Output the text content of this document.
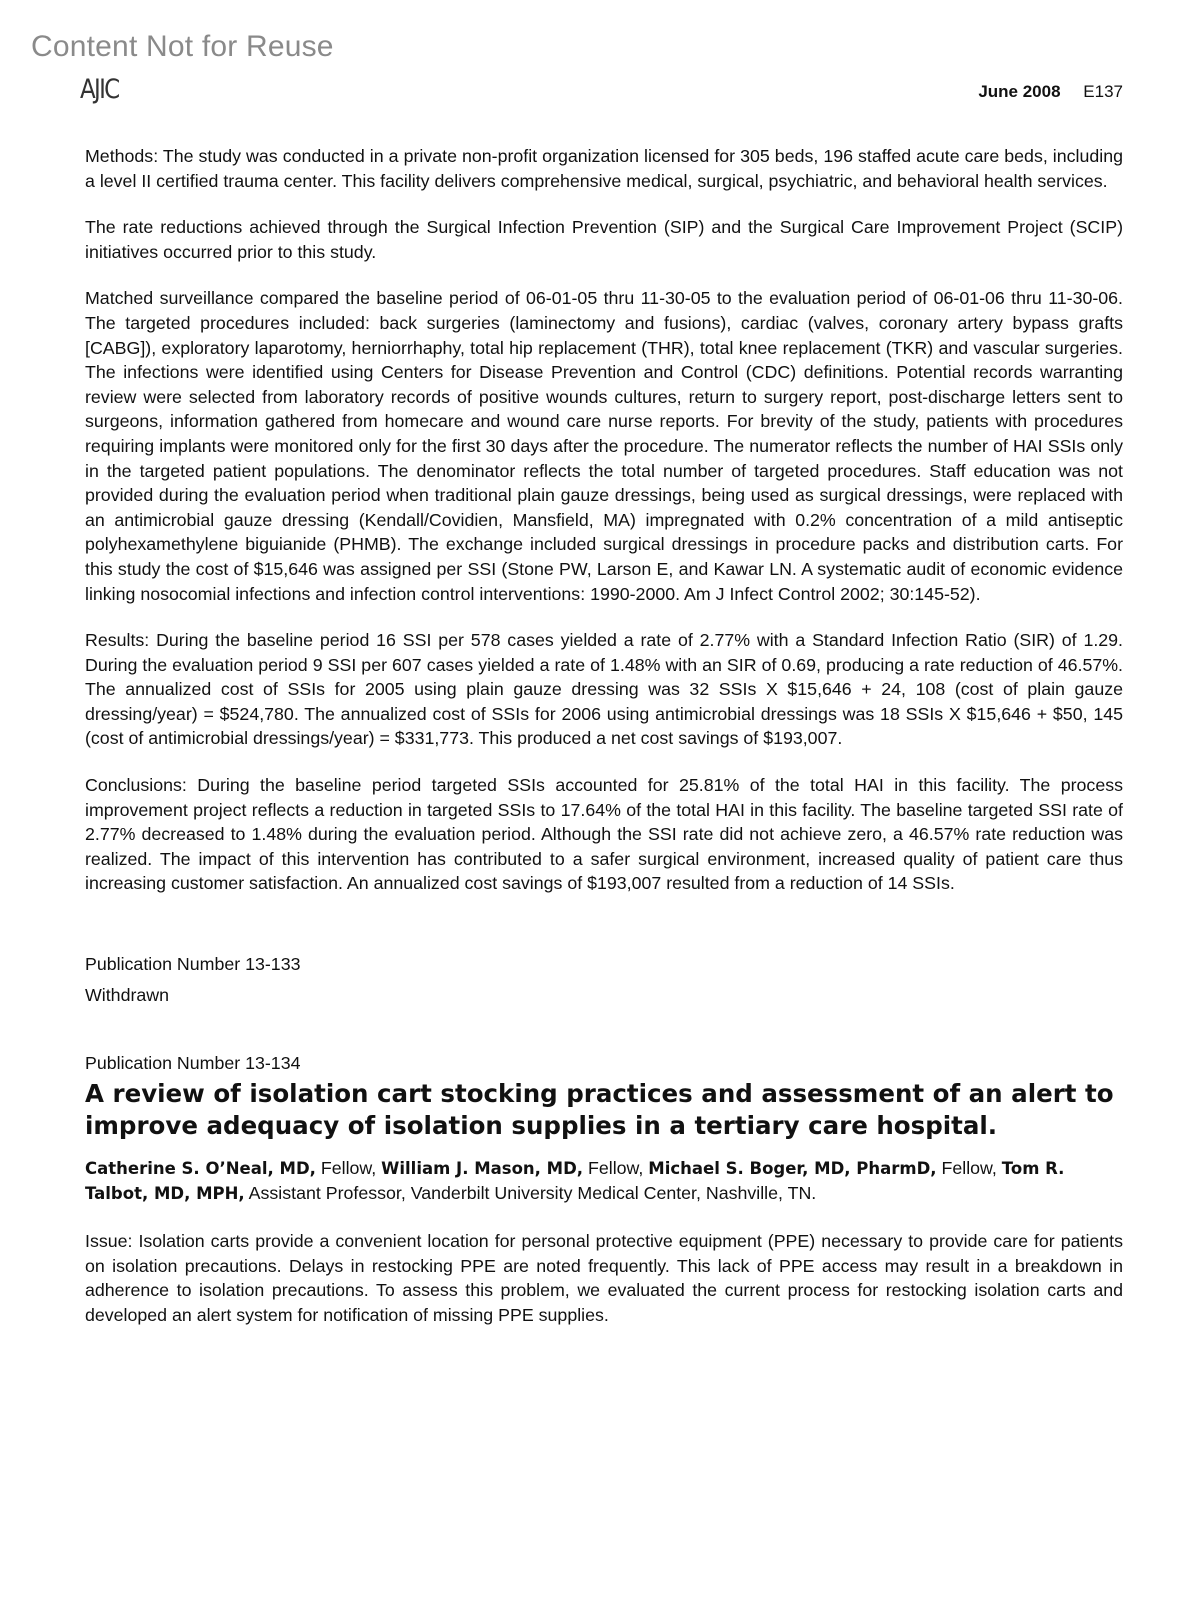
Content Not for Reuse
AJIC	June 2008 E137

Methods: The study was conducted in a private non-profit organization licensed for 305 beds, 196 staffed acute care beds, including a level II certified trauma center. This facility delivers comprehensive medical, surgical, psychiatric, and behavioral health services.

The rate reductions achieved through the Surgical Infection Prevention (SIP) and the Surgical Care Improvement Project (SCIP) initiatives occurred prior to this study.

Matched surveillance compared the baseline period of 06-01-05 thru 11-30-05 to the evaluation period of 06-01-06 thru 11-30-06. The targeted procedures included: back surgeries (laminectomy and fusions), cardiac (valves, coronary artery bypass grafts [CABG]), exploratory laparotomy, herniorrhaphy, total hip replacement (THR), total knee replacement (TKR) and vascular surgeries. The infections were identified using Centers for Disease Prevention and Control (CDC) definitions. Potential records warranting review were selected from laboratory records of positive wounds cultures, return to surgery report, post-discharge letters sent to surgeons, information gathered from homecare and wound care nurse reports. For brevity of the study, patients with procedures requiring implants were monitored only for the first 30 days after the procedure. The numerator reflects the number of HAI SSIs only in the targeted patient populations. The denominator reflects the total number of targeted procedures. Staff education was not provided during the evaluation period when traditional plain gauze dressings, being used as surgical dressings, were replaced with an antimicrobial gauze dressing (Kendall/Covidien, Mansfield, MA) impregnated with 0.2% concentration of a mild antiseptic polyhexamethylene biguianide (PHMB). The exchange included surgical dressings in procedure packs and distribution carts. For this study the cost of $15,646 was assigned per SSI (Stone PW, Larson E, and Kawar LN. A systematic audit of economic evidence linking nosocomial infections and infection control interventions: 1990-2000. Am J Infect Control 2002; 30:145-52).

Results: During the baseline period 16 SSI per 578 cases yielded a rate of 2.77% with a Standard Infection Ratio (SIR) of 1.29. During the evaluation period 9 SSI per 607 cases yielded a rate of 1.48% with an SIR of 0.69, producing a rate reduction of 46.57%. The annualized cost of SSIs for 2005 using plain gauze dressing was 32 SSIs X $15,646 + 24, 108 (cost of plain gauze dressing/year) = $524,780. The annualized cost of SSIs for 2006 using antimicrobial dressings was 18 SSIs X $15,646 + $50, 145 (cost of antimicrobial dressings/year) = $331,773. This produced a net cost savings of $193,007.

Conclusions: During the baseline period targeted SSIs accounted for 25.81% of the total HAI in this facility. The process improvement project reflects a reduction in targeted SSIs to 17.64% of the total HAI in this facility. The baseline targeted SSI rate of 2.77% decreased to 1.48% during the evaluation period. Although the SSI rate did not achieve zero, a 46.57% rate reduction was realized. The impact of this intervention has contributed to a safer surgical environment, increased quality of patient care thus increasing customer satisfaction. An annualized cost savings of $193,007 resulted from a reduction of 14 SSIs.

Publication Number 13-133
Withdrawn
Publication Number 13-134
A review of isolation cart stocking practices and assessment of an alert to improve adequacy of isolation supplies in a tertiary care hospital.
Catherine S. O’Neal, MD, Fellow, William J. Mason, MD, Fellow, Michael S. Boger, MD, PharmD, Fellow, Tom R. Talbot, MD, MPH, Assistant Professor, Vanderbilt University Medical Center, Nashville, TN.

Issue: Isolation carts provide a convenient location for personal protective equipment (PPE) necessary to provide care for patients on isolation precautions. Delays in restocking PPE are noted frequently. This lack of PPE access may result in a breakdown in adherence to isolation precautions. To assess this problem, we evaluated the current process for restocking isolation carts and developed an alert system for notification of missing PPE supplies.
